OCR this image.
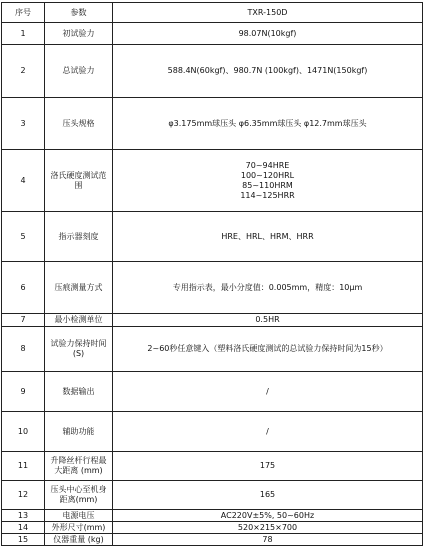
序号	参数	TXR-150D
1	初试验力	98.07N(10kgf)
2	总试验力	588.4N(60kgf)、980.7N (100kgf)、1471N(150kgf)
3	压头规格	φ3.175mm球压头 φ6.35mm球压头 φ12.7mm球压头
4	洛氏硬度测试范围	70~94HRE
100~120HRL
85~110HRM
114~125HRR

5	指示器刻度	HRE、HRL、HRM、HRR
6	压痕测量方式	专用指示表，最小分度值：0.005mm，精度：10μm
7	最小检测单位	0.5HR
8	试验力保持时间(S)	2~60秒任意键入（塑料洛氏硬度测试的总试验力保持时间为15秒）
9	数据输出	/
10	辅助功能	/
11	升降丝杆行程最大距离 (mm)	175
12	压头中心至机身距离(mm)	165
13	电源电压	AC220V±5%, 50~60Hz
14	外形尺寸(mm)	520×215×700
15	仪器重量 (kg)	78
